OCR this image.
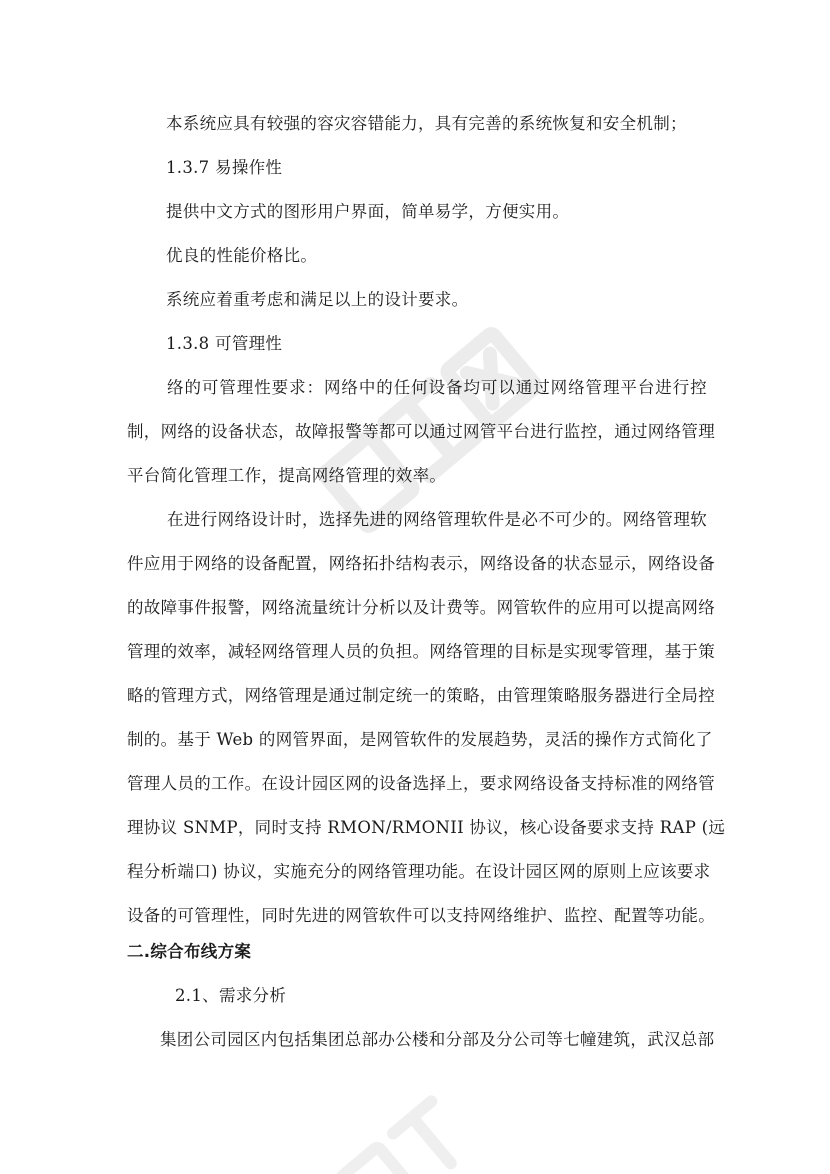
本系统应具有较强的容灾容错能力，具有完善的系统恢复和安全机制；
1.3.7 易操作性
提供中文方式的图形用户界面，简单易学，方便实用。
优良的性能价格比。
系统应着重考虑和满足以上的设计要求。
1.3.8 可管理性
络的可管理性要求：网络中的任何设备均可以通过网络管理平台进行控
制，网络的设备状态，故障报警等都可以通过网管平台进行监控，通过网络管理
平台简化管理工作，提高网络管理的效率。
在进行网络设计时，选择先进的网络管理软件是必不可少的。网络管理软
件应用于网络的设备配置，网络拓扑结构表示，网络设备的状态显示，网络设备
的故障事件报警，网络流量统计分析以及计费等。网管软件的应用可以提高网络
管理的效率，减轻网络管理人员的负担。网络管理的目标是实现零管理，基于策
略的管理方式，网络管理是通过制定统一的策略，由管理策略服务器进行全局控
制的。基于 Web 的网管界面，是网管软件的发展趋势，灵活的操作方式简化了
管理人员的工作。在设计园区网的设备选择上，要求网络设备支持标准的网络管
理协议 SNMP，同时支持 RMON/RMONII 协议，核心设备要求支持 RAP (远
程分析端口) 协议，实施充分的网络管理功能。在设计园区网的原则上应该要求
设备的可管理性，同时先进的网管软件可以支持网络维护、监控、配置等功能。
二.综合布线方案
2.1、需求分析
集团公司园区内包括集团总部办公楼和分部及分公司等七幢建筑，武汉总部
